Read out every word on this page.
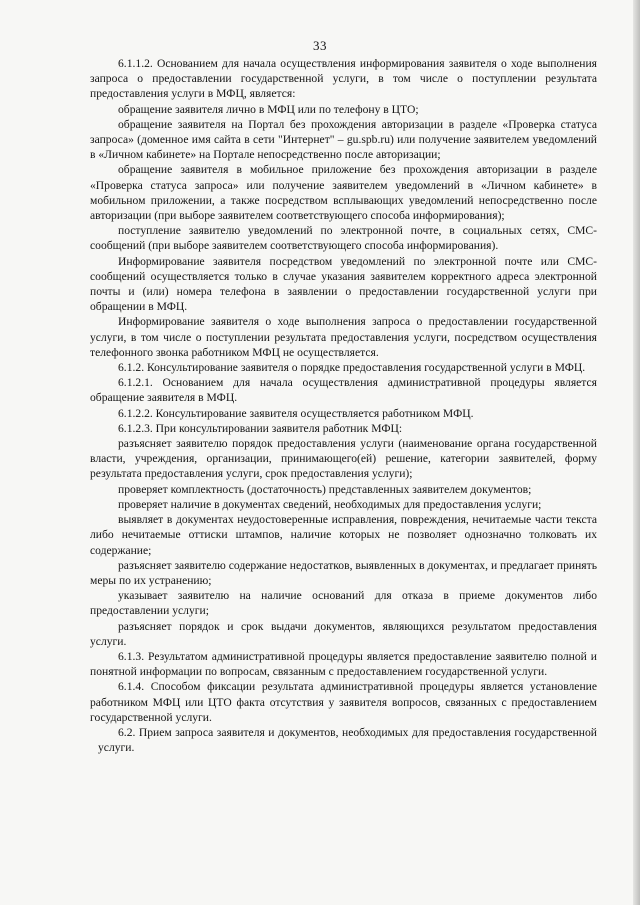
33

6.1.1.2. Основанием для начала осуществления информирования заявителя о ходе выполнения запроса о предоставлении государственной услуги, в том числе о поступлении результата предоставления услуги в МФЦ, является:

обращение заявителя лично в МФЦ или по телефону в ЦТО;

обращение заявителя на Портал без прохождения авторизации в разделе «Проверка статуса запроса» (доменное имя сайта в сети "Интернет" – gu.spb.ru) или получение заявителем уведомлений в «Личном кабинете» на Портале непосредственно после авторизации;

обращение заявителя в мобильное приложение без прохождения авторизации в разделе «Проверка статуса запроса» или получение заявителем уведомлений в «Личном кабинете» в мобильном приложении, а также посредством всплывающих уведомлений непосредственно после авторизации (при выборе заявителем соответствующего способа информирования);

поступление заявителю уведомлений по электронной почте, в социальных сетях, СМС-сообщений (при выборе заявителем соответствующего способа информирования).

Информирование заявителя посредством уведомлений по электронной почте или СМС-сообщений осуществляется только в случае указания заявителем корректного адреса электронной почты и (или) номера телефона в заявлении о предоставлении государственной услуги при обращении в МФЦ.

Информирование заявителя о ходе выполнения запроса о предоставлении государственной услуги, в том числе о поступлении результата предоставления услуги, посредством осуществления телефонного звонка работником МФЦ не осуществляется.

6.1.2. Консультирование заявителя о порядке предоставления государственной услуги в МФЦ.

6.1.2.1. Основанием для начала осуществления административной процедуры является обращение заявителя в МФЦ.

6.1.2.2. Консультирование заявителя осуществляется работником МФЦ.

6.1.2.3. При консультировании заявителя работник МФЦ:

разъясняет заявителю порядок предоставления услуги (наименование органа государственной власти, учреждения, организации, принимающего(ей) решение, категории заявителей, форму результата предоставления услуги, срок предоставления услуги);

проверяет комплектность (достаточность) представленных заявителем документов;

проверяет наличие в документах сведений, необходимых для предоставления услуги;

выявляет в документах неудостоверенные исправления, повреждения, нечитаемые части текста либо нечитаемые оттиски штампов, наличие которых не позволяет однозначно толковать их содержание;

разъясняет заявителю содержание недостатков, выявленных в документах, и предлагает принять меры по их устранению;

указывает заявителю на наличие оснований для отказа в приеме документов либо предоставлении услуги;

разъясняет порядок и срок выдачи документов, являющихся результатом предоставления услуги.

6.1.3. Результатом административной процедуры является предоставление заявителю полной и понятной информации по вопросам, связанным с предоставлением государственной услуги.

6.1.4. Способом фиксации результата административной процедуры является установление работником МФЦ или ЦТО факта отсутствия у заявителя вопросов, связанных с предоставлением государственной услуги.

6.2. Прием запроса заявителя и документов, необходимых для предоставления государственной услуги.
